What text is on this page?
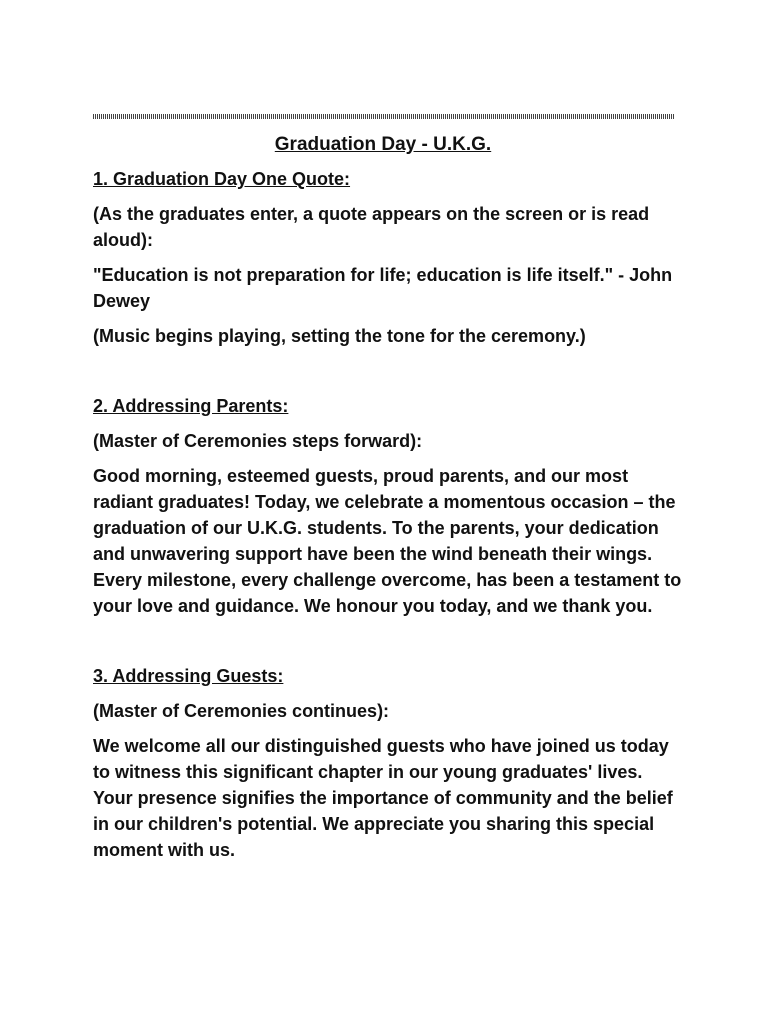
Graduation Day - U.K.G.
1. Graduation Day One Quote:
(As the graduates enter, a quote appears on the screen or is read aloud):
"Education is not preparation for life; education is life itself." - John Dewey
(Music begins playing, setting the tone for the ceremony.)
2. Addressing Parents:
(Master of Ceremonies steps forward):
Good morning, esteemed guests, proud parents, and our most radiant graduates! Today, we celebrate a momentous occasion – the graduation of our U.K.G. students. To the parents, your dedication and unwavering support have been the wind beneath their wings. Every milestone, every challenge overcome, has been a testament to your love and guidance. We honour you today, and we thank you.
3. Addressing Guests:
(Master of Ceremonies continues):
We welcome all our distinguished guests who have joined us today to witness this significant chapter in our young graduates' lives. Your presence signifies the importance of community and the belief in our children's potential. We appreciate you sharing this special moment with us.
